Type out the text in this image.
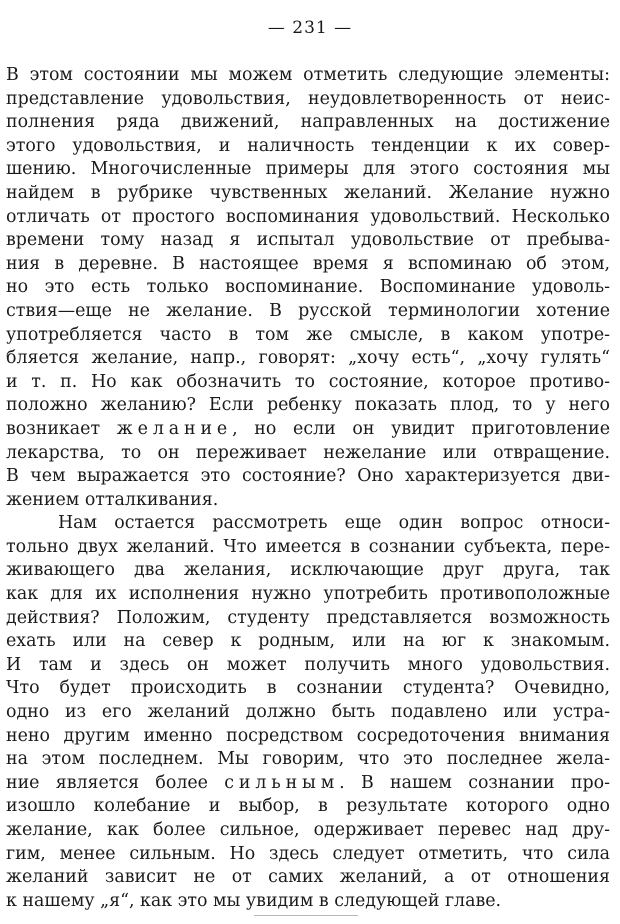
— 231 —
В этом состоянии мы можем отметить следующие элементы:
представление удовольствия, неудовлетворенность от неис-
полнения ряда движений, направленных на достижение
этого удовольствия, и наличность тенденции к их совер-
шению. Многочисленные примеры для этого состояния мы
найдем в рубрике чувственных желаний. Желание нужно
отличать от простого воспоминания удовольствий. Несколько
времени тому назад я испытал удовольствие от пребыва-
ния в деревне. В настоящее время я вспоминаю об этом,
но это есть только воспоминание. Воспоминание удоволь-
ствия—еще не желание. В русской терминологии хотение
употребляется часто в том же смысле, в каком употре-
бляется желание, напр., говорят: „хочу есть“, „хочу гулять“
и т. п. Но как обозначить то состояние, которое противо-
положно желанию? Если ребенку показать плод, то у него
возникает желание, но если он увидит приготовление
лекарства, то он переживает нежелание или отвращение.
В чем выражается это состояние? Оно характеризуется дви-
жением отталкивания.
Нам остается рассмотреть еще один вопрос относи-
тольно двух желаний. Что имеется в сознании субъекта, пере-
живающего два желания, исключающие друг друга, так
как для их исполнения нужно употребить противоположные
действия? Положим, студенту представляется возможность
ехать или на север к родным, или на юг к знакомым.
И там и здесь он может получить много удовольствия.
Что будет происходить в сознании студента? Очевидно,
одно из его желаний должно быть подавлено или устра-
нено другим именно посредством сосредоточения внимания
на этом последнем. Мы говорим, что это последнее жела-
ние является более сильным. В нашем сознании про-
изошло колебание и выбор, в результате которого одно
желание, как более сильное, одерживает перевес над дру-
гим, менее сильным. Но здесь следует отметить, что сила
желаний зависит не от самих желаний, а от отношения
к нашему „я“, как это мы увидим в следующей главе.
